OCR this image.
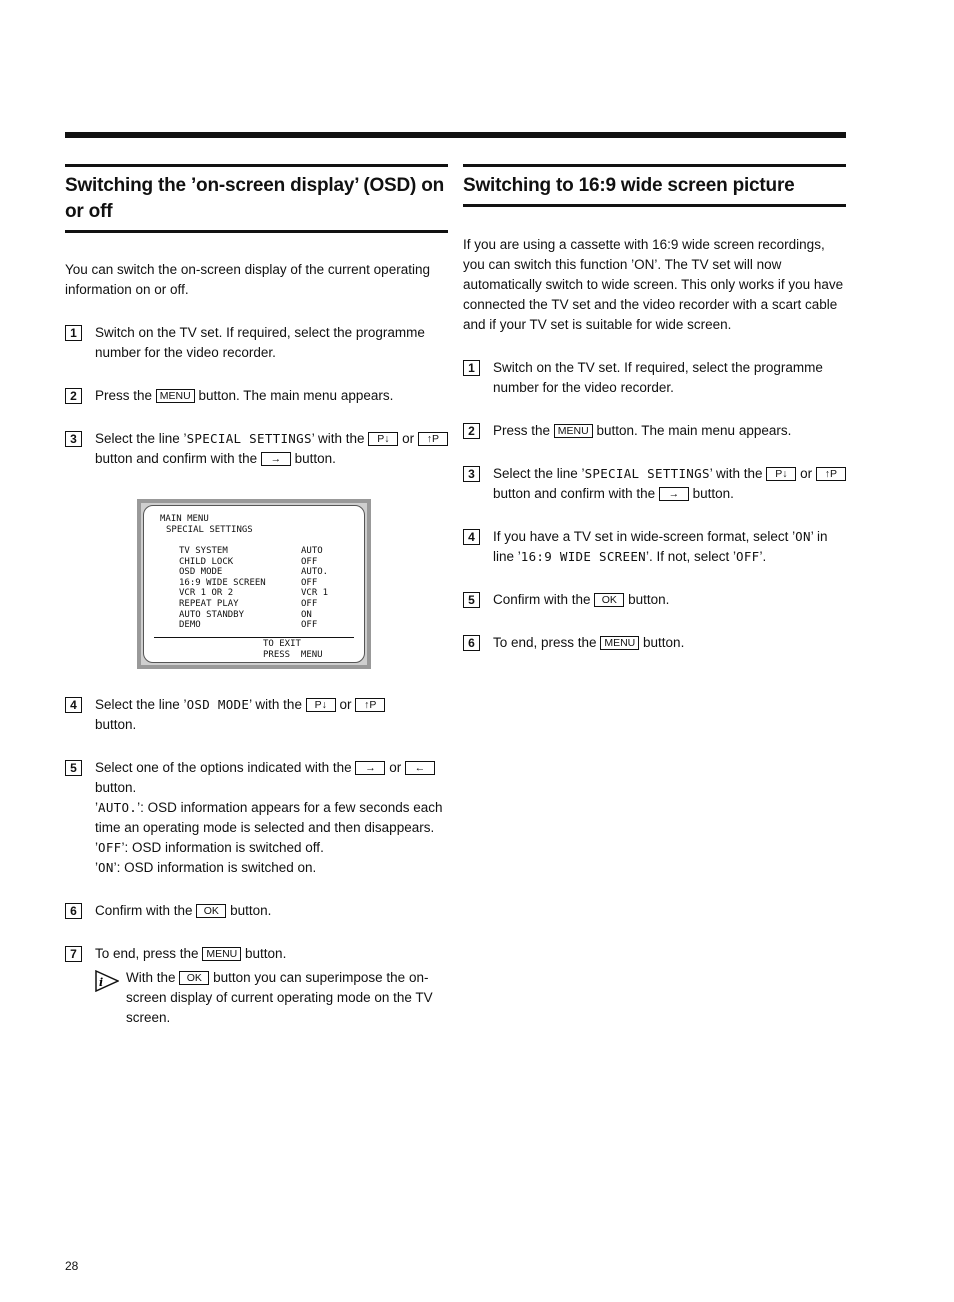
Switching the ’on-screen display’ (OSD) on or off
You can switch the on-screen display of the current operating information on or off.
1	Switch on the TV set. If required, select the programme number for the video recorder.
2	Press the MENU button. The main menu appears.
3	Select the line ’SPECIAL SETTINGS’ with the P↓ or ↑P button and confirm with the → button.
MAIN MENU
SPECIAL SETTINGS
TV SYSTEM	AUTO
CHILD LOCK	OFF
OSD MODE	AUTO.
16:9 WIDE SCREEN	OFF
VCR 1 OR 2	VCR 1
REPEAT PLAY	OFF
AUTO STANDBY	ON
DEMO	OFF
TO EXIT
PRESS  MENU
4	Select the line ’OSD MODE’ with the P↓ or ↑P
button.
5	Select one of the options indicated with the → or ←
button.
’AUTO.’: OSD information appears for a few seconds each time an operating mode is selected and then disappears.
’OFF’: OSD information is switched off.
’ON’: OSD information is switched on.
6	Confirm with the OK button.
7	To end, press the MENU button.
i With the OK button you can superimpose the on-screen display of current operating mode on the TV screen.
Switching to 16:9 wide screen picture
If you are using a cassette with 16:9 wide screen recordings, you can switch this function ’ON’. The TV set will now automatically switch to wide screen. This only works if you have connected the TV set and the video recorder with a scart cable and if your TV set is suitable for wide screen.
1	Switch on the TV set. If required, select the programme number for the video recorder.
2	Press the MENU button. The main menu appears.
3	Select the line ’SPECIAL SETTINGS’ with the P↓ or ↑P button and confirm with the → button.
4	If you have a TV set in wide-screen format, select ’ON’ in line ’16:9 WIDE SCREEN’. If not, select ’OFF’.
5	Confirm with the OK button.
6	To end, press the MENU button.
28
